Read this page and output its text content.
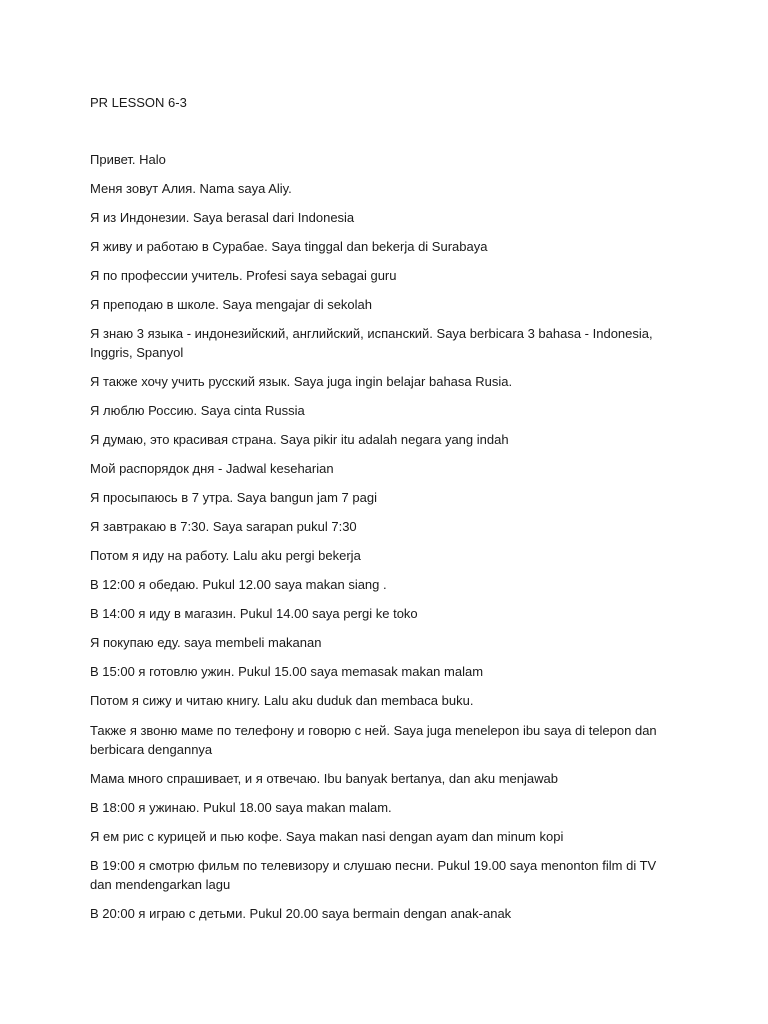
PR LESSON 6-3
Привет. Halo
Меня зовут Алия. Nama saya Aliy.
Я из Индонезии. Saya berasal dari Indonesia
Я живу и работаю в Сурабае. Saya tinggal dan bekerja di Surabaya
Я по профессии учитель. Profesi saya sebagai guru
Я преподаю в школе. Saya mengajar di sekolah
Я знаю 3 языка - индонезийский, английский, испанский. Saya berbicara 3 bahasa - Indonesia, Inggris, Spanyol
Я также хочу учить русский язык. Saya juga ingin belajar bahasa Rusia.
Я люблю Россию. Saya cinta Russia
Я думаю, это красивая страна. Saya pikir itu adalah negara yang indah
Мой распорядок дня - Jadwal keseharian
Я просыпаюсь в 7 утра. Saya bangun jam 7 pagi
Я завтракаю в 7:30. Saya sarapan pukul 7:30
Потом я иду на работу. Lalu aku pergi bekerja
В 12:00 я обедаю. Pukul 12.00 saya makan siang .
В 14:00 я иду в магазин. Pukul 14.00 saya pergi ke toko
Я покупаю еду. saya membeli makanan
В 15:00 я готовлю ужин. Pukul 15.00 saya memasak makan malam
Потом я сижу и читаю книгу. Lalu aku duduk dan membaca buku.
Также я звоню маме по телефону и говорю с ней. Saya juga menelepon ibu saya di telepon dan berbicara dengannya
Мама много спрашивает, и я отвечаю. Ibu banyak bertanya, dan aku menjawab
В 18:00 я ужинаю. Pukul 18.00 saya makan malam.
Я ем рис с курицей и пью кофе. Saya makan nasi dengan ayam dan minum kopi
В 19:00 я смотрю фильм по телевизору и слушаю песни. Pukul 19.00 saya menonton film di TV dan mendengarkan lagu
В 20:00 я играю с детьми. Pukul 20.00 saya bermain dengan anak-anak
